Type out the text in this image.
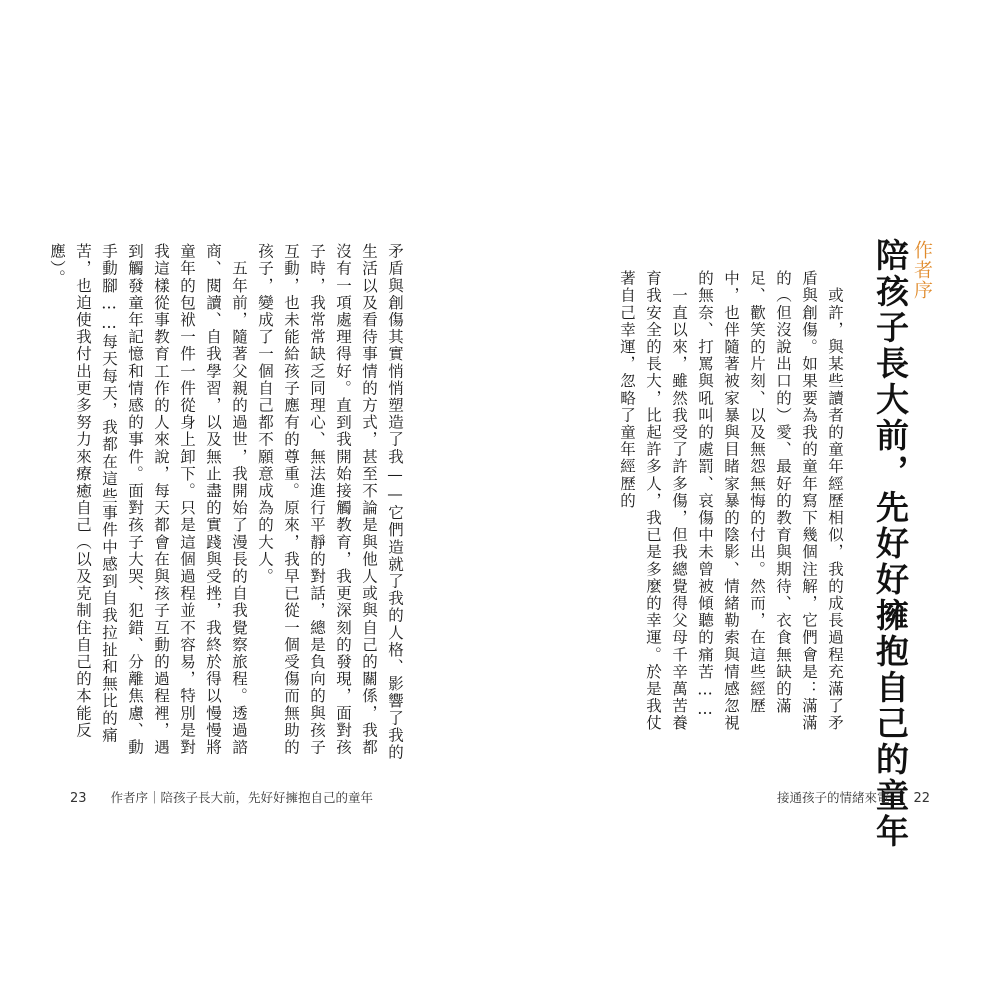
矛盾與創傷其實悄悄塑造了我——它們造就了我的人格、影響了我的生活以及看待事情的方式，甚至不論是與他人或與自己的關係，我都沒有一項處理得好。直到我開始接觸教育，我更深刻的發現，面對孩子時，我常常缺乏同理心、無法進行平靜的對話，總是負向的與孩子互動，也未能給孩子應有的尊重。原來，我早已從一個受傷而無助的孩子，變成了一個自己都不願意成為的大人。
　五年前，隨著父親的過世，我開始了漫長的自我覺察旅程。透過諮商、閱讀、自我學習，以及無止盡的實踐與受挫，我終於得以慢慢將童年的包袱一件一件從身上卸下。只是這個過程並不容易，特別是對我這樣從事教育工作的人來說，每天都會在與孩子互動的過程裡，遇到觸發童年記憶和情感的事件。面對孩子大哭、犯錯、分離焦慮、動手動腳……每天每天，我都在這些事件中感到自我拉扯和無比的痛苦，也迫使我付出更多努力來療癒自己（以及克制住自己的本能反應）。
23 作者序｜陪孩子長大前，先好好擁抱自己的童年
作者序
陪孩子長大前，先好好擁抱自己的童年
　或許，與某些讀者的童年經歷相似，我的成長過程充滿了矛盾與創傷。如果要為我的童年寫下幾個注解，它們會是：滿滿的（但沒說出口的）愛、最好的教育與期待、衣食無缺的滿足、歡笑的片刻、以及無怨無悔的付出。然而，在這些經歷中，也伴隨著被家暴與目睹家暴的陰影、情緒勒索與情感忽視的無奈、打罵與吼叫的處罰、哀傷中未曾被傾聽的痛苦……
　一直以來，雖然我受了許多傷，但我總覺得父母千辛萬苦養育我安全的長大，比起許多人，我已是多麼的幸運。於是我仗著自己幸運，忽略了童年經歷的
接通孩子的情緒來電 22
